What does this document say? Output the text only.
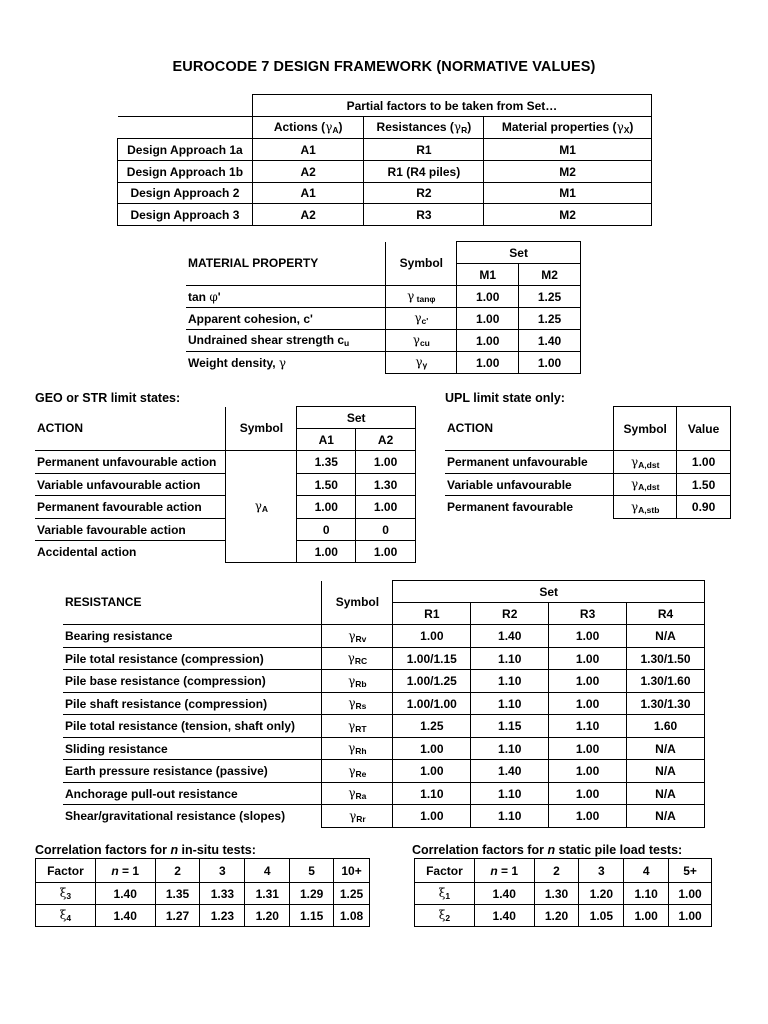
EUROCODE 7 DESIGN FRAMEWORK (NORMATIVE VALUES)
	Partial factors to be taken from Set…		
	Actions $(\gamma_A)$	Resistances $(\gamma_R)$	Material properties $(\gamma_X)$
Design Approach 1a	A1	R1	M1
Design Approach 1b	A2	R1 (R4 piles)	M2
Design Approach 2	A1	R2	M1
Design Approach 3	A2	R3	M2
MATERIAL PROPERTY	Symbol	Set	
		M1	M2
tan φ'	γ $_{tan\varphi}$	1.00	1.25
Apparent cohesion, c'	$\gamma_{c'}$	1.00	1.25
Undrained shear strength $c_u$	$\gamma_{cu}$	1.00	1.40
Weight density, γ	$\gamma_\gamma$	1.00	1.00
GEO or STR limit states:
ACTION	Symbol	Set	
		A1	A2
Permanent unfavourable action	$\gamma_A$	1.35	1.00
Variable unfavourable action		1.50	1.30
Permanent favourable action		1.00	1.00
Variable favourable action		0	0
Accidental action		1.00	1.00
UPL limit state only:
ACTION	Symbol	Value
Permanent unfavourable	$\gamma_{A,dst}$	1.00
Variable unfavourable	$\gamma_{A,dst}$	1.50
Permanent favourable	$\gamma_{A,stb}$	0.90
RESISTANCE	Symbol	Set			
		R1	R2	R3	R4
Bearing resistance	$\gamma_{Rv}$	1.00	1.40	1.00	N/A
Pile total resistance (compression)	$\gamma_{RC}$	1.00/1.15	1.10	1.00	1.30/1.50
Pile base resistance (compression)	$\gamma_{Rb}$	1.00/1.25	1.10	1.00	1.30/1.60
Pile shaft resistance (compression)	$\gamma_{Rs}$	1.00/1.00	1.10	1.00	1.30/1.30
Pile total resistance (tension, shaft only)	$\gamma_{RT}$	1.25	1.15	1.10	1.60
Sliding resistance	$\gamma_{Rh}$	1.00	1.10	1.00	N/A
Earth pressure resistance (passive)	$\gamma_{Re}$	1.00	1.40	1.00	N/A
Anchorage pull-out resistance	$\gamma_{Ra}$	1.10	1.10	1.00	N/A
Shear/gravitational resistance (slopes)	$\gamma_{Rr}$	1.00	1.10	1.00	N/A
Correlation factors for n in-situ tests:
Factor	n = 1	2	3	4	5	10+
$\xi_3$	1.40	1.35	1.33	1.31	1.29	1.25
$\xi_4$	1.40	1.27	1.23	1.20	1.15	1.08
Correlation factors for n static pile load tests:
Factor	n = 1	2	3	4	5+
$\xi_1$	1.40	1.30	1.20	1.10	1.00
$\xi_2$	1.40	1.20	1.05	1.00	1.00
